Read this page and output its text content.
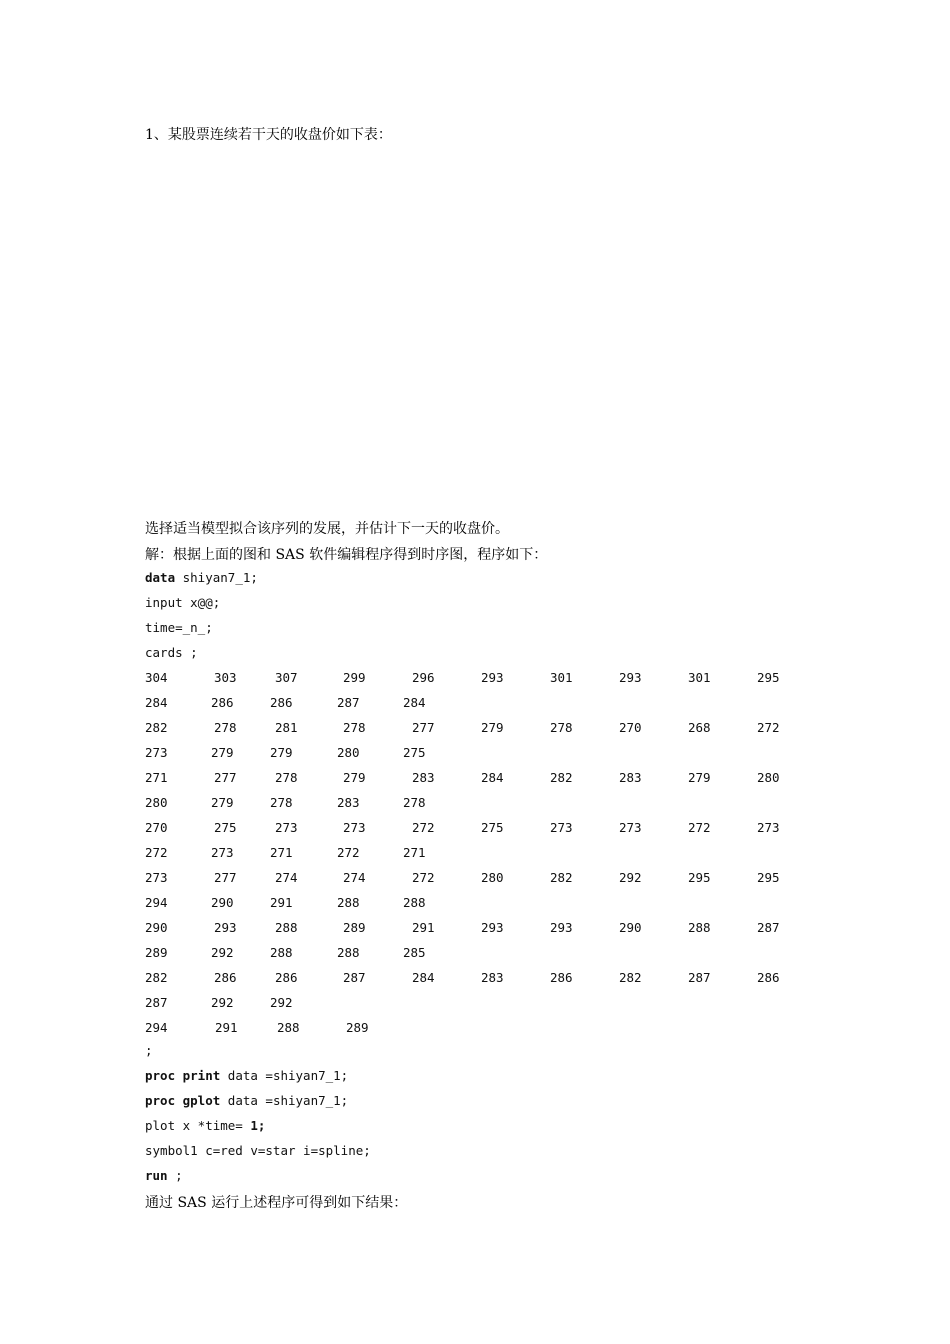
1、某股票连续若干天的收盘价如下表：
选择适当模型拟合该序列的发展，并估计下一天的收盘价。
解：根据上面的图和 SAS 软件编辑程序得到时序图，程序如下：
data shiyan7_1;
input x@@;
time=_n_;
cards ;
304	303	307	299	296	293	301	293	301	295
284	286	286	287	284
282	278	281	278	277	279	278	270	268	272
273	279	279	280	275
271	277	278	279	283	284	282	283	279	280
280	279	278	283	278
270	275	273	273	272	275	273	273	272	273
272	273	271	272	271
273	277	274	274	272	280	282	292	295	295
294	290	291	288	288
290	293	288	289	291	293	293	290	288	287
289	292	288	288	285
282	286	286	287	284	283	286	282	287	286
287	292	292
294	291	288	289
;
proc print data =shiyan7_1;
proc gplot data =shiyan7_1;
plot x *time= 1;
symbol1 c=red v=star i=spline;
run ;
通过 SAS 运行上述程序可得到如下结果：
